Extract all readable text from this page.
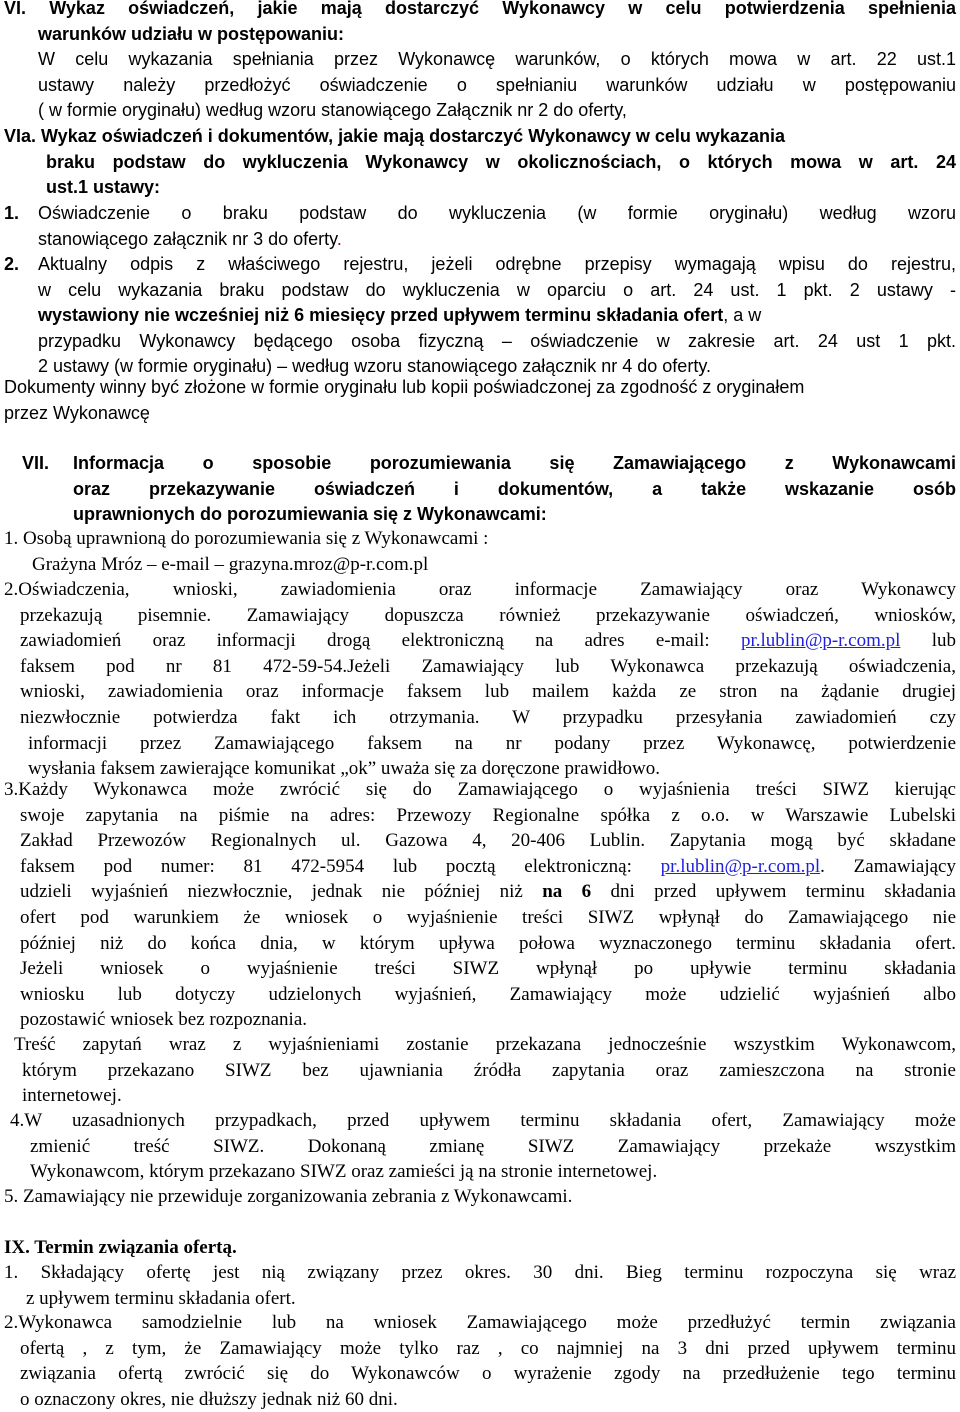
VI. Wykaz oświadczeń, jakie mają dostarczyć Wykonawcy w celu potwierdzenia spełnienia
warunków udziału w postępowaniu:
W celu wykazania spełniania przez Wykonawcę warunków, o których mowa w art. 22 ust.1
ustawy należy przedłożyć oświadczenie o spełnianiu warunków udziału w postępowaniu
( w formie oryginału) według wzoru stanowiącego Załącznik nr 2 do oferty,
VIa. Wykaz oświadczeń i dokumentów, jakie mają dostarczyć Wykonawcy w celu wykazania
braku podstaw do wykluczenia Wykonawcy w okolicznościach, o których mowa w art. 24
ust.1 ustawy:
1. Oświadczenie o braku podstaw do wykluczenia (w formie oryginału) według wzoru
stanowiącego załącznik nr 3 do oferty.
2. Aktualny odpis z właściwego rejestru, jeżeli odrębne przepisy wymagają wpisu do rejestru,
w celu wykazania braku podstaw do wykluczenia w oparciu o art. 24 ust. 1 pkt. 2 ustawy -
wystawiony nie wcześniej niż 6 miesięcy przed upływem terminu składania ofert, a w
przypadku Wykonawcy będącego osoba fizyczną – oświadczenie w zakresie art. 24 ust 1 pkt.
2 ustawy (w formie oryginału) – według wzoru stanowiącego załącznik nr 4 do oferty.
Dokumenty winny być złożone w formie oryginału lub kopii poświadczonej za zgodność z oryginałem
przez Wykonawcę
VII. Informacja o sposobie porozumiewania się Zamawiającego z Wykonawcami
oraz przekazywanie oświadczeń i dokumentów, a także wskazanie osób
uprawnionych do porozumiewania się z Wykonawcami:
1. Osobą uprawnioną do porozumiewania się z Wykonawcami :
Grażyna Mróz – e-mail – grazyna.mroz@p-r.com.pl
2.Oświadczenia, wnioski, zawiadomienia oraz informacje Zamawiający oraz Wykonawcy
przekazują pisemnie. Zamawiający dopuszcza również przekazywanie oświadczeń, wniosków,
zawiadomień oraz informacji drogą elektroniczną na adres e-mail: pr.lublin@p-r.com.pl lub
faksem pod nr 81 472-59-54.Jeżeli Zamawiający lub Wykonawca przekazują oświadczenia,
wnioski, zawiadomienia oraz informacje faksem lub mailem każda ze stron na żądanie drugiej
niezwłocznie potwierdza fakt ich otrzymania. W przypadku przesyłania zawiadomień czy
informacji przez Zamawiającego faksem na nr podany przez Wykonawcę, potwierdzenie
wysłania faksem zawierające komunikat „ok” uważa się za doręczone prawidłowo.
3.Każdy Wykonawca może zwrócić się do Zamawiającego o wyjaśnienia treści SIWZ kierując
swoje zapytania na piśmie na adres: Przewozy Regionalne spółka z o.o. w Warszawie Lubelski
Zakład Przewozów Regionalnych ul. Gazowa 4, 20-406 Lublin. Zapytania mogą być składane
faksem pod numer: 81 472-5954 lub pocztą elektroniczną: pr.lublin@p-r.com.pl. Zamawiający
udzieli wyjaśnień niezwłocznie, jednak nie później niż na 6 dni przed upływem terminu składania
ofert pod warunkiem że wniosek o wyjaśnienie treści SIWZ wpłynął do Zamawiającego nie
później niż do końca dnia, w którym upływa połowa wyznaczonego terminu składania ofert.
Jeżeli wniosek o wyjaśnienie treści SIWZ wpłynął po upływie terminu składania
wniosku lub dotyczy udzielonych wyjaśnień, Zamawiający może udzielić wyjaśnień albo
pozostawić wniosek bez rozpoznania.
Treść zapytań wraz z wyjaśnieniami zostanie przekazana jednocześnie wszystkim Wykonawcom,
którym przekazano SIWZ bez ujawniania źródła zapytania oraz zamieszczona na stronie
internetowej.
4.W uzasadnionych przypadkach, przed upływem terminu składania ofert, Zamawiający może
zmienić treść SIWZ. Dokonaną zmianę SIWZ Zamawiający przekaże wszystkim
Wykonawcom, którym przekazano SIWZ oraz zamieści ją na stronie internetowej.
5. Zamawiający nie przewiduje zorganizowania zebrania z Wykonawcami.
IX. Termin związania ofertą.
1. Składający ofertę jest nią związany przez okres. 30 dni. Bieg terminu rozpoczyna się wraz
z upływem terminu składania ofert.
2.Wykonawca samodzielnie lub na wniosek Zamawiającego może przedłużyć termin związania
ofertą , z tym, że Zamawiający może tylko raz , co najmniej na 3 dni przed upływem terminu
związania ofertą zwrócić się do Wykonawców o wyrażenie zgody na przedłużenie tego terminu
o oznaczony okres, nie dłuższy jednak niż 60 dni.
